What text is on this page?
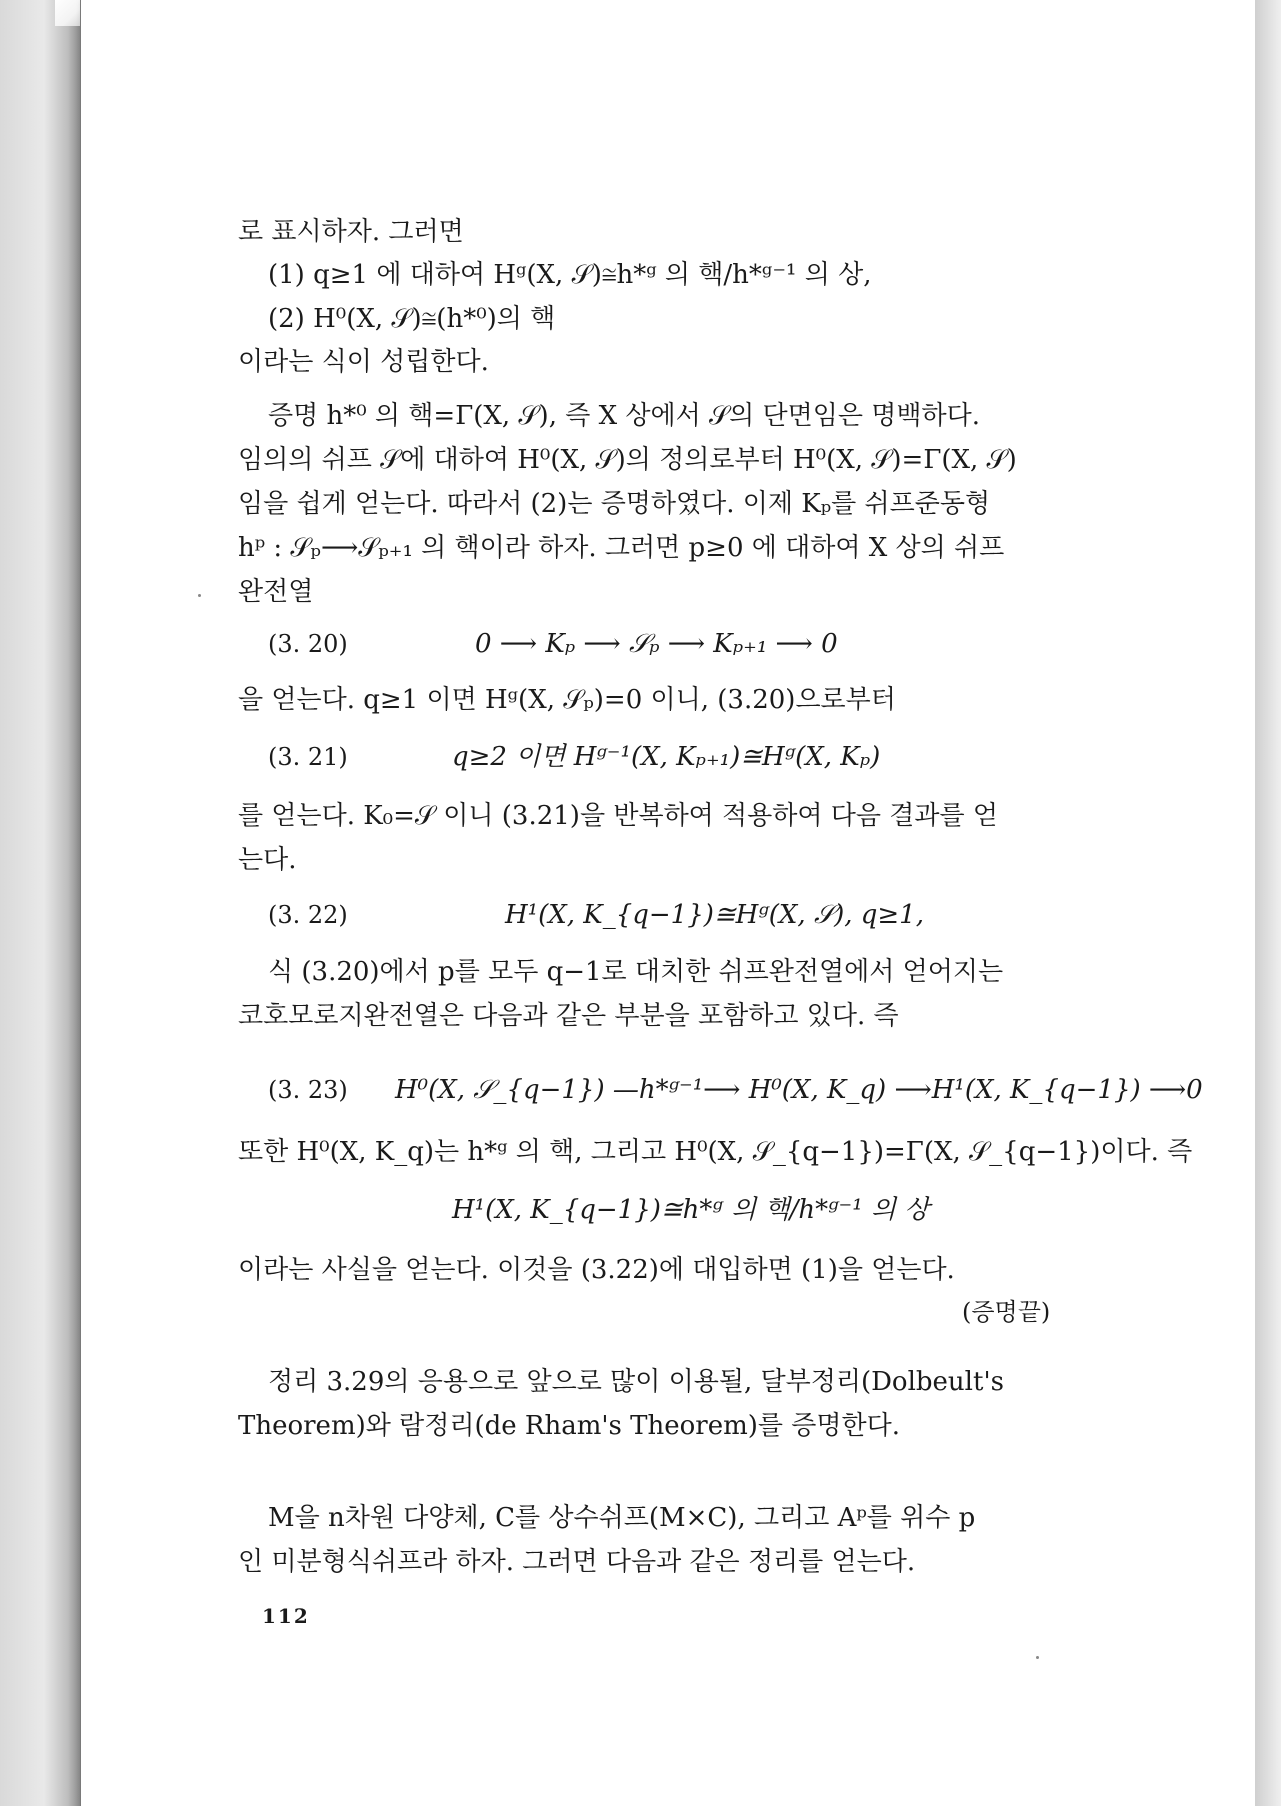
로 표시하자. 그러면
(1) q≥1 에 대하여 Hᵍ(X, 𝒮)≅h*ᵍ 의 핵/h*ᵍ⁻¹ 의 상,
(2) H⁰(X, 𝒮)≅(h*⁰)의 핵
이라는 식이 성립한다.
증명 h*⁰ 의 핵=Γ(X, 𝒮), 즉 X 상에서 𝒮의 단면임은 명백하다.
임의의 쉬프 𝒮에 대하여 H⁰(X, 𝒮)의 정의로부터 H⁰(X, 𝒮)=Γ(X, 𝒮)
임을 쉽게 얻는다. 따라서 (2)는 증명하였다. 이제 Kₚ를 쉬프준동형
hᵖ : 𝒮ₚ⟶𝒮ₚ₊₁ 의 핵이라 하자. 그러면 p≥0 에 대하여 X 상의 쉬프
완전열
(3. 20)	0 ⟶ Kₚ ⟶ 𝒮ₚ ⟶ Kₚ₊₁ ⟶ 0
을 얻는다. q≥1 이면 Hᵍ(X, 𝒮ₚ)=0 이니, (3.20)으로부터
(3. 21)	q≥2 이면 Hᵍ⁻¹(X, Kₚ₊₁)≅Hᵍ(X, Kₚ)
를 얻는다. K₀=𝒮 이니 (3.21)을 반복하여 적용하여 다음 결과를 얻
는다.
(3. 22)	H¹(X, K_{q−1})≅Hᵍ(X, 𝒮), q≥1,
식 (3.20)에서 p를 모두 q−1로 대치한 쉬프완전열에서 얻어지는
코호모로지완전열은 다음과 같은 부분을 포함하고 있다. 즉
(3. 23) H⁰(X, 𝒮_{q−1}) —h*ᵍ⁻¹⟶ H⁰(X, K_q) ⟶H¹(X, K_{q−1}) ⟶0
또한 H⁰(X, K_q)는 h*ᵍ 의 핵, 그리고 H⁰(X, 𝒮_{q−1})=Γ(X, 𝒮_{q−1})이다. 즉
H¹(X, K_{q−1})≅h*ᵍ 의 핵/h*ᵍ⁻¹ 의 상
이라는 사실을 얻는다. 이것을 (3.22)에 대입하면 (1)을 얻는다.
(증명끝)
정리 3.29의 응용으로 앞으로 많이 이용될, 달부정리(Dolbeult's
Theorem)와 람정리(de Rham's Theorem)를 증명한다.
M을 n차원 다양체, C를 상수쉬프(M×C), 그리고 Aᵖ를 위수 p
인 미분형식쉬프라 하자. 그러면 다음과 같은 정리를 얻는다.
112
